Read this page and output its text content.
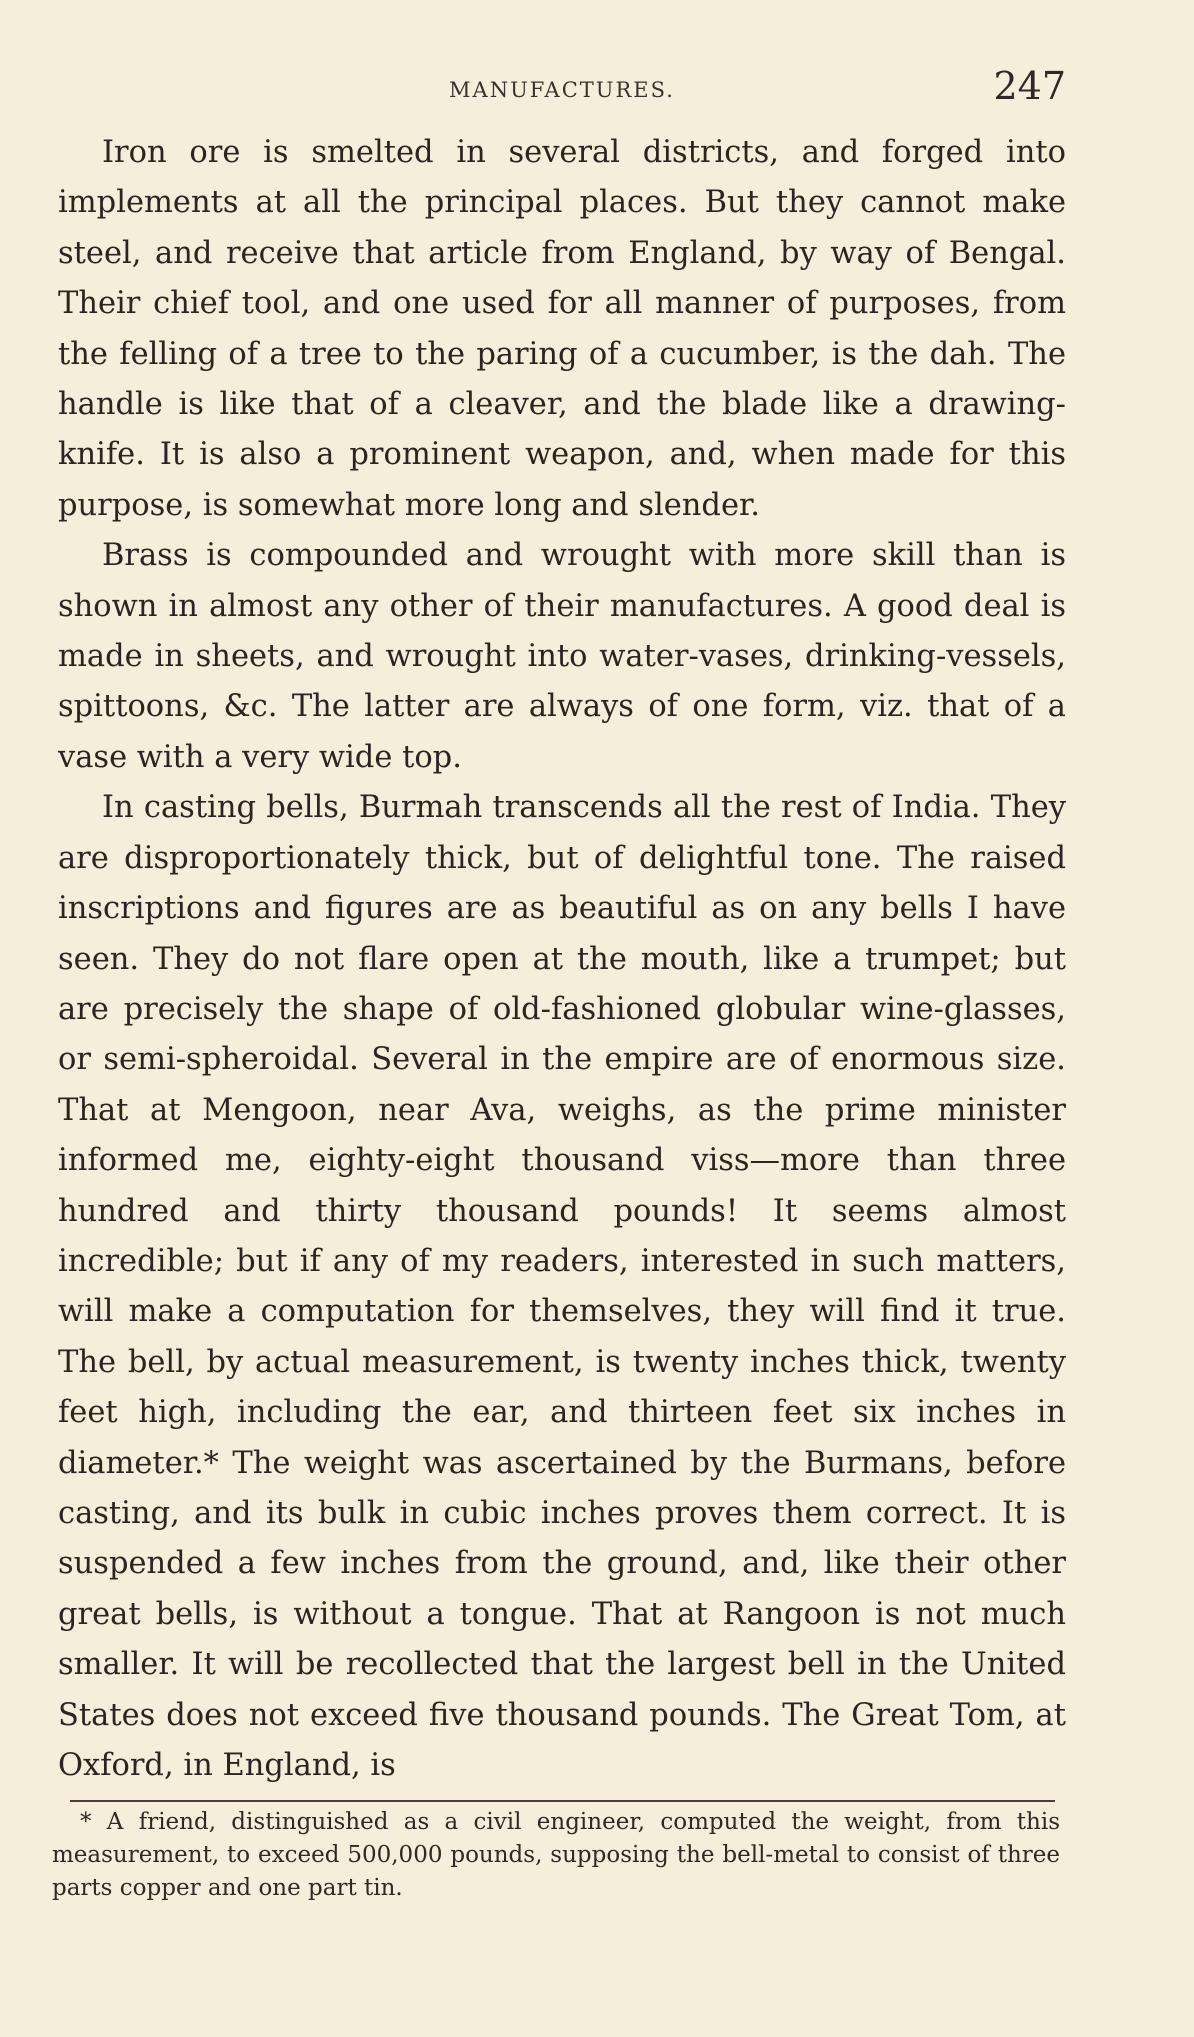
MANUFACTURES.	247

Iron ore is smelted in several districts, and forged into implements at all the principal places. But they cannot make steel, and receive that article from England, by way of Bengal. Their chief tool, and one used for all manner of purposes, from the felling of a tree to the paring of a cucumber, is the dah. The handle is like that of a cleaver, and the blade like a drawing-knife. It is also a prominent weapon, and, when made for this purpose, is somewhat more long and slender.

Brass is compounded and wrought with more skill than is shown in almost any other of their manufactures. A good deal is made in sheets, and wrought into water-vases, drinking-vessels, spittoons, &c. The latter are always of one form, viz. that of a vase with a very wide top.

In casting bells, Burmah transcends all the rest of India. They are disproportionately thick, but of delightful tone. The raised inscriptions and figures are as beautiful as on any bells I have seen. They do not flare open at the mouth, like a trumpet; but are precisely the shape of old-fashioned globular wine-glasses, or semi-spheroidal. Several in the empire are of enormous size. That at Mengoon, near Ava, weighs, as the prime minister informed me, eighty-eight thousand viss—more than three hundred and thirty thousand pounds! It seems almost incredible; but if any of my readers, interested in such matters, will make a computation for themselves, they will find it true. The bell, by actual measurement, is twenty inches thick, twenty feet high, including the ear, and thirteen feet six inches in diameter.* The weight was ascertained by the Burmans, before casting, and its bulk in cubic inches proves them correct. It is suspended a few inches from the ground, and, like their other great bells, is without a tongue. That at Rangoon is not much smaller. It will be recollected that the largest bell in the United States does not exceed five thousand pounds. The Great Tom, at Oxford, in England, is

* A friend, distinguished as a civil engineer, computed the weight, from this measurement, to exceed 500,000 pounds, supposing the bell-metal to consist of three parts copper and one part tin.
